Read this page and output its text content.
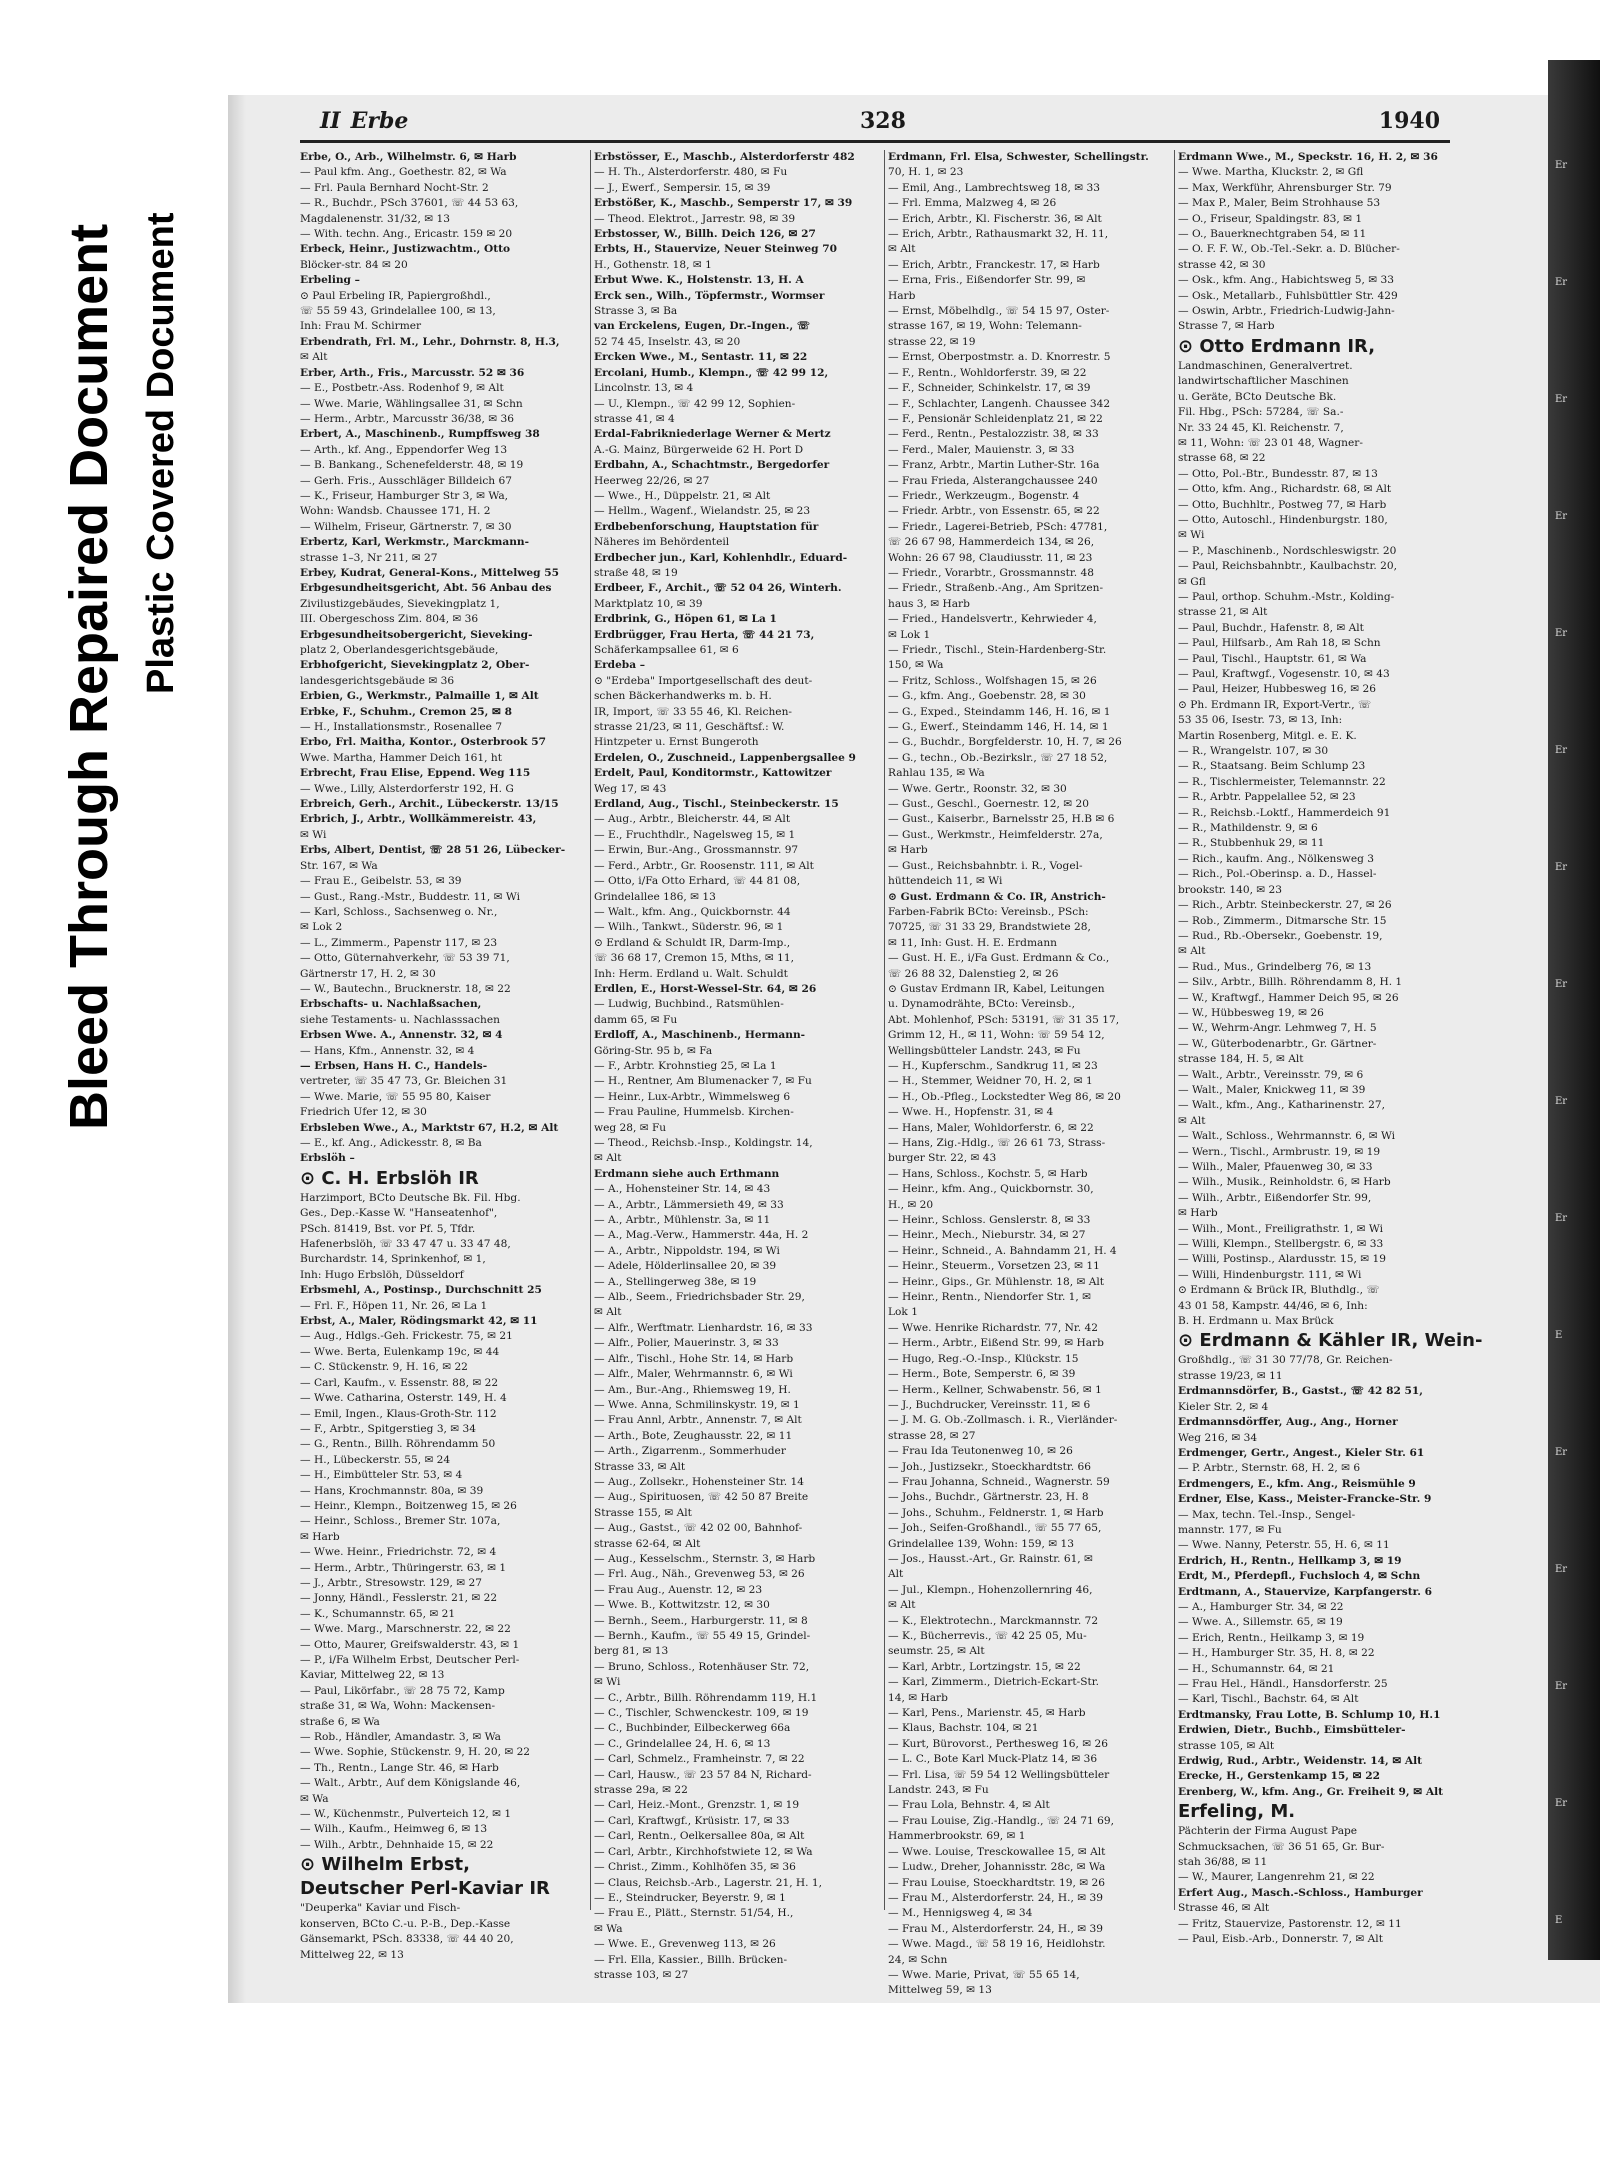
Bleed Through Repaired Document Plastic Covered Document
Er
Er
Er
Er
Er
Er
Er
Er
Er
Er
E
Er
Er
Er
Er
E
II Erbe	328	1940
Erbe, O., Arb., Wilhelmstr. 6, ✉ Harb
— Paul kfm. Ang., Goethestr. 82, ✉ Wa
— Frl. Paula Bernhard Nocht-Str. 2
— R., Buchdr., PSch 37601, ☏ 44 53 63,
Magdalenenstr. 31/32, ✉ 13
— With. techn. Ang., Ericastr. 159 ✉ 20
Erbeck, Heinr., Justizwachtm., Otto
Blöcker-str. 84 ✉ 20
Erbeling –
⊙ Paul Erbeling IR, Papiergroßhdl.,
☏ 55 59 43, Grindelallee 100, ✉ 13,
Inh: Frau M. Schirmer
Erbendrath, Frl. M., Lehr., Dohrnstr. 8, H.3,
✉ Alt
Erber, Arth., Fris., Marcusstr. 52 ✉ 36
— E., Postbetr.-Ass. Rodenhof 9, ✉ Alt
— Wwe. Marie, Wählingsallee 31, ✉ Schn
— Herm., Arbtr., Marcusstr 36/38, ✉ 36
Erbert, A., Maschinenb., Rumpffsweg 38
— Arth., kf. Ang., Eppendorfer Weg 13
— B. Bankang., Schenefelderstr. 48, ✉ 19
— Gerh. Fris., Ausschläger Billdeich 67
— K., Friseur, Hamburger Str 3, ✉ Wa,
Wohn: Wandsb. Chaussee 171, H. 2
— Wilhelm, Friseur, Gärtnerstr. 7, ✉ 30
Erbertz, Karl, Werkmstr., Marckmann-
strasse 1–3, Nr 211, ✉ 27
Erbey, Kudrat, General-Kons., Mittelweg 55
Erbgesundheitsgericht, Abt. 56 Anbau des
Zivilustizgebäudes, Sievekingplatz 1,
III. Obergeschoss Zim. 804, ✉ 36
Erbgesundheitsobergericht, Sieveking-
platz 2, Oberlandesgerichtsgebäude,
Erbhofgericht, Sievekingplatz 2, Ober-
landesgerichtsgebäude ✉ 36
Erbien, G., Werkmstr., Palmaille 1, ✉ Alt
Erbke, F., Schuhm., Cremon 25, ✉ 8
— H., Installationsmstr., Rosenallee 7
Erbo, Frl. Maitha, Kontor., Osterbrook 57
Wwe. Martha, Hammer Deich 161, ht
Erbrecht, Frau Elise, Eppend. Weg 115
— Wwe., Lilly, Alsterdorferstr 192, H. G
Erbreich, Gerh., Archit., Lübeckerstr. 13/15
Erbrich, J., Arbtr., Wollkämmereistr. 43,
✉ Wi
Erbs, Albert, Dentist, ☏ 28 51 26, Lübecker-
Str. 167, ✉ Wa
— Frau E., Geibelstr. 53, ✉ 39
— Gust., Rang.-Mstr., Buddestr. 11, ✉ Wi
— Karl, Schloss., Sachsenweg o. Nr.,
✉ Lok 2
— L., Zimmerm., Papenstr 117, ✉ 23
— Otto, Güternahverkehr, ☏ 53 39 71,
Gärtnerstr 17, H. 2, ✉ 30
— W., Bautechn., Brucknerstr. 18, ✉ 22
Erbschafts- u. Nachlaßsachen,
siehe Testaments- u. Nachlasssachen
Erbsen Wwe. A., Annenstr. 32, ✉ 4
— Hans, Kfm., Annenstr. 32, ✉ 4
— Erbsen, Hans H. C., Handels-
vertreter, ☏ 35 47 73, Gr. Bleichen 31
— Wwe. Marie, ☏ 55 95 80, Kaiser
Friedrich Ufer 12, ✉ 30
Erbsleben Wwe., A., Marktstr 67, H.2, ✉ Alt
— E., kf. Ang., Adickesstr. 8, ✉ Ba
Erbslöh –
⊙ C. H. Erbslöh IR
Harzimport, BCto Deutsche Bk. Fil. Hbg.
Ges., Dep.-Kasse W. "Hanseatenhof",
PSch. 81419, Bst. vor Pf. 5, Tfdr.
Hafenerbslöh, ☏ 33 47 47 u. 33 47 48,
Burchardstr. 14, Sprinkenhof, ✉ 1,
Inh: Hugo Erbslöh, Düsseldorf
Erbsmehl, A., Postinsp., Durchschnitt 25
— Frl. F., Höpen 11, Nr. 26, ✉ La 1
Erbst, A., Maler, Rödingsmarkt 42, ✉ 11
— Aug., Hdlgs.-Geh. Frickestr. 75, ✉ 21
— Wwe. Berta, Eulenkamp 19c, ✉ 44
— C. Stückenstr. 9, H. 16, ✉ 22
— Carl, Kaufm., v. Essenstr. 88, ✉ 22
— Wwe. Catharina, Osterstr. 149, H. 4
— Emil, Ingen., Klaus-Groth-Str. 112
— F., Arbtr., Spitgerstieg 3, ✉ 34
— G., Rentn., Billh. Röhrendamm 50
— H., Lübeckerstr. 55, ✉ 24
— H., Eimbütteler Str. 53, ✉ 4
— Hans, Krochmannstr. 80a, ✉ 39
— Heinr., Klempn., Boitzenweg 15, ✉ 26
— Heinr., Schloss., Bremer Str. 107a,
✉ Harb
— Wwe. Heinr., Friedrichstr. 72, ✉ 4
— Herm., Arbtr., Thüringerstr. 63, ✉ 1
— J., Arbtr., Stresowstr. 129, ✉ 27
— Jonny, Händl., Fesslerstr. 21, ✉ 22
— K., Schumannstr. 65, ✉ 21
— Wwe. Marg., Marschnerstr. 22, ✉ 22
— Otto, Maurer, Greifswalderstr. 43, ✉ 1
— P., i/Fa Wilhelm Erbst, Deutscher Perl-
Kaviar, Mittelweg 22, ✉ 13
— Paul, Likörfabr., ☏ 28 75 72, Kamp
straße 31, ✉ Wa, Wohn: Mackensen-
straße 6, ✉ Wa
— Rob., Händler, Amandastr. 3, ✉ Wa
— Wwe. Sophie, Stückenstr. 9, H. 20, ✉ 22
— Th., Rentn., Lange Str. 46, ✉ Harb
— Walt., Arbtr., Auf dem Königslande 46,
✉ Wa
— W., Küchenmstr., Pulverteich 12, ✉ 1
— Wilh., Kaufm., Heimweg 6, ✉ 13
— Wilh., Arbtr., Dehnhaide 15, ✉ 22
⊙ Wilhelm Erbst,
Deutscher Perl-Kaviar IR
"Deuperka" Kaviar und Fisch-
konserven, BCto C.-u. P.-B., Dep.-Kasse
Gänsemarkt, PSch. 83338, ☏ 44 40 20,
Mittelweg 22, ✉ 13
Erbstösser, E., Maschb., Alsterdorferstr 482
— H. Th., Alsterdorferstr. 480, ✉ Fu
— J., Ewerf., Sempersir. 15, ✉ 39
Erbstößer, K., Maschb., Semperstr 17, ✉ 39
— Theod. Elektrot., Jarrestr. 98, ✉ 39
Erbstosser, W., Billh. Deich 126, ✉ 27
Erbts, H., Stauervize, Neuer Steinweg 70
H., Gothenstr. 18, ✉ 1
Erbut Wwe. K., Holstenstr. 13, H. A
Erck sen., Wilh., Töpfermstr., Wormser
Strasse 3, ✉ Ba
van Erckelens, Eugen, Dr.-Ingen., ☏
52 74 45, Inselstr. 43, ✉ 20
Ercken Wwe., M., Sentastr. 11, ✉ 22
Ercolani, Humb., Klempn., ☏ 42 99 12,
Lincolnstr. 13, ✉ 4
— U., Klempn., ☏ 42 99 12, Sophien-
strasse 41, ✉ 4
Erdal-Fabrikniederlage Werner & Mertz
A.-G. Mainz, Bürgerweide 62 H. Port D
Erdbahn, A., Schachtmstr., Bergedorfer
Heerweg 22/26, ✉ 27
— Wwe., H., Düppelstr. 21, ✉ Alt
— Hellm., Wagenf., Wielandstr. 25, ✉ 23
Erdbebenforschung, Hauptstation für
Näheres im Behördenteil
Erdbecher jun., Karl, Kohlenhdlr., Eduard-
straße 48, ✉ 19
Erdbeer, F., Archit., ☏ 52 04 26, Winterh.
Marktplatz 10, ✉ 39
Erdbrink, G., Höpen 61, ✉ La 1
Erdbrügger, Frau Herta, ☏ 44 21 73,
Schäferkampsallee 61, ✉ 6
Erdeba –
⊙ "Erdeba" Importgesellschaft des deut-
schen Bäckerhandwerks m. b. H.
IR, Import, ☏ 33 55 46, Kl. Reichen-
strasse 21/23, ✉ 11, Geschäftsf.: W.
Hintzpeter u. Ernst Bungeroth
Erdelen, O., Zuschneid., Lappenbergsallee 9
Erdelt, Paul, Konditormstr., Kattowitzer
Weg 17, ✉ 43
Erdland, Aug., Tischl., Steinbeckerstr. 15
— Aug., Arbtr., Bleicherstr. 44, ✉ Alt
— E., Fruchthdlr., Nagelsweg 15, ✉ 1
— Erwin, Bur.-Ang., Grossmannstr. 97
— Ferd., Arbtr., Gr. Roosenstr. 111, ✉ Alt
— Otto, i/Fa Otto Erhard, ☏ 44 81 08,
Grindelallee 186, ✉ 13
— Walt., kfm. Ang., Quickbornstr. 44
— Wilh., Tankwt., Süderstr. 96, ✉ 1
⊙ Erdland & Schuldt IR, Darm-Imp.,
☏ 36 68 17, Cremon 15, Mths, ✉ 11,
Inh: Herm. Erdland u. Walt. Schuldt
Erdlen, E., Horst-Wessel-Str. 64, ✉ 26
— Ludwig, Buchbind., Ratsmühlen-
damm 65, ✉ Fu
Erdloff, A., Maschinenb., Hermann-
Göring-Str. 95 b, ✉ Fa
— F., Arbtr. Krohnstieg 25, ✉ La 1
— H., Rentner, Am Blumenacker 7, ✉ Fu
— Heinr., Lux-Arbtr., Wimmelsweg 6
— Frau Pauline, Hummelsb. Kirchen-
weg 28, ✉ Fu
— Theod., Reichsb.-Insp., Koldingstr. 14,
✉ Alt
Erdmann siehe auch Erthmann
— A., Hohensteiner Str. 14, ✉ 43
— A., Arbtr., Lämmersieth 49, ✉ 33
— A., Arbtr., Mühlenstr. 3a, ✉ 11
— A., Mag.-Verw., Hammerstr. 44a, H. 2
— A., Arbtr., Nippoldstr. 194, ✉ Wi
— Adele, Hölderlinsallee 20, ✉ 39
— A., Stellingerweg 38e, ✉ 19
— Alb., Seem., Friedrichsbader Str. 29,
✉ Alt
— Alfr., Werftmatr. Lienhardstr. 16, ✉ 33
— Alfr., Polier, Mauerinstr. 3, ✉ 33
— Alfr., Tischl., Hohe Str. 14, ✉ Harb
— Alfr., Maler, Wehrmannstr. 6, ✉ Wi
— Am., Bur.-Ang., Rhiemsweg 19, H.
— Wwe. Anna, Schmilinskystr. 19, ✉ 1
— Frau Annl, Arbtr., Annenstr. 7, ✉ Alt
— Arth., Bote, Zeughausstr. 22, ✉ 11
— Arth., Zigarrenm., Sommerhuder
Strasse 33, ✉ Alt
— Aug., Zollsekr., Hohensteiner Str. 14
— Aug., Spirituosen, ☏ 42 50 87 Breite
Strasse 155, ✉ Alt
— Aug., Gastst., ☏ 42 02 00, Bahnhof-
strasse 62-64, ✉ Alt
— Aug., Kesselschm., Sternstr. 3, ✉ Harb
— Frl. Aug., Näh., Grevenweg 53, ✉ 26
— Frau Aug., Auenstr. 12, ✉ 23
— Wwe. B., Kottwitzstr. 12, ✉ 30
— Bernh., Seem., Harburgerstr. 11, ✉ 8
— Bernh., Kaufm., ☏ 55 49 15, Grindel-
berg 81, ✉ 13
— Bruno, Schloss., Rotenhäuser Str. 72,
✉ Wi
— C., Arbtr., Billh. Röhrendamm 119, H.1
— C., Tischler, Schwenckestr. 109, ✉ 19
— C., Buchbinder, Eilbeckerweg 66a
— C., Grindelallee 24, H. 6, ✉ 13
— Carl, Schmelz., Framheinstr. 7, ✉ 22
— Carl, Hausw., ☏ 23 57 84 N, Richard-
strasse 29a, ✉ 22
— Carl, Heiz.-Mont., Grenzstr. 1, ✉ 19
— Carl, Kraftwgf., Krüsistr. 17, ✉ 33
— Carl, Rentn., Oelkersallee 80a, ✉ Alt
— Carl, Arbtr., Kirchhofstwiete 12, ✉ Wa
— Christ., Zimm., Kohlhöfen 35, ✉ 36
— Claus, Reichsb.-Arb., Lagerstr. 21, H. 1,
— E., Steindrucker, Beyerstr. 9, ✉ 1
— Frau E., Plätt., Sternstr. 51/54, H.,
✉ Wa
— Wwe. E., Grevenweg 113, ✉ 26
— Frl. Ella, Kassier., Billh. Brücken-
strasse 103, ✉ 27
Erdmann, Frl. Elsa, Schwester, Schellingstr.
70, H. 1, ✉ 23
— Emil, Ang., Lambrechtsweg 18, ✉ 33
— Frl. Emma, Malzweg 4, ✉ 26
— Erich, Arbtr., Kl. Fischerstr. 36, ✉ Alt
— Erich, Arbtr., Rathausmarkt 32, H. 11,
✉ Alt
— Erich, Arbtr., Franckestr. 17, ✉ Harb
— Erna, Fris., Eißendorfer Str. 99, ✉
Harb
— Ernst, Möbelhdlg., ☏ 54 15 97, Oster-
strasse 167, ✉ 19, Wohn: Telemann-
strasse 22, ✉ 19
— Ernst, Oberpostmstr. a. D. Knorrestr. 5
— F., Rentn., Wohldorferstr. 39, ✉ 22
— F., Schneider, Schinkelstr. 17, ✉ 39
— F., Schlachter, Langenh. Chaussee 342
— F., Pensionär Schleidenplatz 21, ✉ 22
— Ferd., Rentn., Pestalozzistr. 38, ✉ 33
— Ferd., Maler, Mauienstr. 3, ✉ 33
— Franz, Arbtr., Martin Luther-Str. 16a
— Frau Frieda, Alsterangchaussee 240
— Friedr., Werkzeugm., Bogenstr. 4
— Friedr. Arbtr., von Essenstr. 65, ✉ 22
— Friedr., Lagerei-Betrieb, PSch: 47781,
☏ 26 67 98, Hammerdeich 134, ✉ 26,
Wohn: 26 67 98, Claudiusstr. 11, ✉ 23
— Friedr., Vorarbtr., Grossmannstr. 48
— Friedr., Straßenb.-Ang., Am Spritzen-
haus 3, ✉ Harb
— Fried., Handelsvertr., Kehrwieder 4,
✉ Lok 1
— Friedr., Tischl., Stein-Hardenberg-Str.
150, ✉ Wa
— Fritz, Schloss., Wolfshagen 15, ✉ 26
— G., kfm. Ang., Goebenstr. 28, ✉ 30
— G., Exped., Steindamm 146, H. 16, ✉ 1
— G., Ewerf., Steindamm 146, H. 14, ✉ 1
— G., Buchdr., Borgfelderstr. 10, H. 7, ✉ 26
— G., techn., Ob.-Bezirkslr., ☏ 27 18 52,
Rahlau 135, ✉ Wa
— Wwe. Gertr., Roonstr. 32, ✉ 30
— Gust., Geschl., Goernestr. 12, ✉ 20
— Gust., Kaiserbr., Barnelsstr 25, H.B ✉ 6
— Gust., Werkmstr., Heimfelderstr. 27a,
✉ Harb
— Gust., Reichsbahnbtr. i. R., Vogel-
hüttendeich 11, ✉ Wi
⊙ Gust. Erdmann & Co. IR, Anstrich-
Farben-Fabrik BCto: Vereinsb., PSch:
70725, ☏ 31 33 29, Brandstwiete 28,
✉ 11, Inh: Gust. H. E. Erdmann
— Gust. H. E., i/Fa Gust. Erdmann & Co.,
☏ 26 88 32, Dalenstieg 2, ✉ 26
⊙ Gustav Erdmann IR, Kabel, Leitungen
u. Dynamodrähte, BCto: Vereinsb.,
Abt. Mohlenhof, PSch: 53191, ☏ 31 35 17,
Grimm 12, H., ✉ 11, Wohn: ☏ 59 54 12,
Wellingsbütteler Landstr. 243, ✉ Fu
— H., Kupferschm., Sandkrug 11, ✉ 23
— H., Stemmer, Weidner 70, H. 2, ✉ 1
— H., Ob.-Pfleg., Lockstedter Weg 86, ✉ 20
— Wwe. H., Hopfenstr. 31, ✉ 4
— Hans, Maler, Wohldorferstr. 6, ✉ 22
— Hans, Zig.-Hdlg., ☏ 26 61 73, Strass-
burger Str. 22, ✉ 43
— Hans, Schloss., Kochstr. 5, ✉ Harb
— Heinr., kfm. Ang., Quickbornstr. 30,
H., ✉ 20
— Heinr., Schloss. Genslerstr. 8, ✉ 33
— Heinr., Mech., Nieburstr. 34, ✉ 27
— Heinr., Schneid., A. Bahndamm 21, H. 4
— Heinr., Steuerm., Vorsetzen 23, ✉ 11
— Heinr., Gips., Gr. Mühlenstr. 18, ✉ Alt
— Heinr., Rentn., Niendorfer Str. 1, ✉
Lok 1
— Wwe. Henrike Richardstr. 77, Nr. 42
— Herm., Arbtr., Eißend Str. 99, ✉ Harb
— Hugo, Reg.-O.-Insp., Klückstr. 15
— Herm., Bote, Semperstr. 6, ✉ 39
— Herm., Kellner, Schwabenstr. 56, ✉ 1
— J., Buchdrucker, Vereinsstr. 11, ✉ 6
— J. M. G. Ob.-Zollmasch. i. R., Vierländer-
strasse 28, ✉ 27
— Frau Ida Teutonenweg 10, ✉ 26
— Joh., Justizsekr., Stoeckhardtstr. 66
— Frau Johanna, Schneid., Wagnerstr. 59
— Johs., Buchdr., Gärtnerstr. 23, H. 8
— Johs., Schuhm., Feldnerstr. 1, ✉ Harb
— Joh., Seifen-Großhandl., ☏ 55 77 65,
Grindelallee 139, Wohn: 159, ✉ 13
— Jos., Hausst.-Art., Gr. Rainstr. 61, ✉
Alt
— Jul., Klempn., Hohenzollernring 46,
✉ Alt
— K., Elektrotechn., Marckmannstr. 72
— K., Bücherrevis., ☏ 42 25 05, Mu-
seumstr. 25, ✉ Alt
— Karl, Arbtr., Lortzingstr. 15, ✉ 22
— Karl, Zimmerm., Dietrich-Eckart-Str.
14, ✉ Harb
— Karl, Pens., Marienstr. 45, ✉ Harb
— Klaus, Bachstr. 104, ✉ 21
— Kurt, Bürovorst., Perthesweg 16, ✉ 26
— L. C., Bote Karl Muck-Platz 14, ✉ 36
— Frl. Lisa, ☏ 59 54 12 Wellingsbütteler
Landstr. 243, ✉ Fu
— Frau Lola, Behnstr. 4, ✉ Alt
— Frau Louise, Zig.-Handlg., ☏ 24 71 69,
Hammerbrookstr. 69, ✉ 1
— Wwe. Louise, Tresckowallee 15, ✉ Alt
— Ludw., Dreher, Johannisstr. 28c, ✉ Wa
— Frau Louise, Stoeckhardtstr. 19, ✉ 26
— Frau M., Alsterdorferstr. 24, H., ✉ 39
— M., Hennigsweg 4, ✉ 34
— Frau M., Alsterdorferstr. 24, H., ✉ 39
— Wwe. Magd., ☏ 58 19 16, Heidlohstr.
24, ✉ Schn
— Wwe. Marie, Privat, ☏ 55 65 14,
Mittelweg 59, ✉ 13
Erdmann Wwe., M., Speckstr. 16, H. 2, ✉ 36
— Wwe. Martha, Kluckstr. 2, ✉ Gfl
— Max, Werkführ, Ahrensburger Str. 79
— Max P., Maler, Beim Strohhause 53
— O., Friseur, Spaldingstr. 83, ✉ 1
— O., Bauerknechtgraben 54, ✉ 11
— O. F. F. W., Ob.-Tel.-Sekr. a. D. Blücher-
strasse 42, ✉ 30
— Osk., kfm. Ang., Habichtsweg 5, ✉ 33
— Osk., Metallarb., Fuhlsbüttler Str. 429
— Oswin, Arbtr., Friedrich-Ludwig-Jahn-
Strasse 7, ✉ Harb
⊙ Otto Erdmann IR,
Landmaschinen, Generalvertret.
landwirtschaftlicher Maschinen
u. Geräte, BCto Deutsche Bk.
Fil. Hbg., PSch: 57284, ☏ Sa.-
Nr. 33 24 45, Kl. Reichenstr. 7,
✉ 11, Wohn: ☏ 23 01 48, Wagner-
strasse 68, ✉ 22
— Otto, Pol.-Btr., Bundesstr. 87, ✉ 13
— Otto, kfm. Ang., Richardstr. 68, ✉ Alt
— Otto, Buchhltr., Postweg 77, ✉ Harb
— Otto, Autoschl., Hindenburgstr. 180,
✉ Wi
— P., Maschinenb., Nordschleswigstr. 20
— Paul, Reichsbahnbtr., Kaulbachstr. 20,
✉ Gfl
— Paul, orthop. Schuhm.-Mstr., Kolding-
strasse 21, ✉ Alt
— Paul, Buchdr., Hafenstr. 8, ✉ Alt
— Paul, Hilfsarb., Am Rah 18, ✉ Schn
— Paul, Tischl., Hauptstr. 61, ✉ Wa
— Paul, Kraftwgf., Vogesenstr. 10, ✉ 43
— Paul, Heizer, Hubbesweg 16, ✉ 26
⊙ Ph. Erdmann IR, Export-Vertr., ☏
53 35 06, Isestr. 73, ✉ 13, Inh:
Martin Rosenberg, Mitgl. e. E. K.
— R., Wrangelstr. 107, ✉ 30
— R., Staatsang. Beim Schlump 23
— R., Tischlermeister, Telemannstr. 22
— R., Arbtr. Pappelallee 52, ✉ 23
— R., Reichsb.-Loktf., Hammerdeich 91
— R., Mathildenstr. 9, ✉ 6
— R., Stubbenhuk 29, ✉ 11
— Rich., kaufm. Ang., Nölkensweg 3
— Rich., Pol.-Oberinsp. a. D., Hassel-
brookstr. 140, ✉ 23
— Rich., Arbtr. Steinbeckerstr. 27, ✉ 26
— Rob., Zimmerm., Ditmarsche Str. 15
— Rud., Rb.-Obersekr., Goebenstr. 19,
✉ Alt
— Rud., Mus., Grindelberg 76, ✉ 13
— Silv., Arbtr., Billh. Röhrendamm 8, H. 1
— W., Kraftwgf., Hammer Deich 95, ✉ 26
— W., Hübbesweg 19, ✉ 26
— W., Wehrm-Angr. Lehmweg 7, H. 5
— W., Güterbodenarbtr., Gr. Gärtner-
strasse 184, H. 5, ✉ Alt
— Walt., Arbtr., Vereinsstr. 79, ✉ 6
— Walt., Maler, Knickweg 11, ✉ 39
— Walt., kfm., Ang., Katharinenstr. 27,
✉ Alt
— Walt., Schloss., Wehrmannstr. 6, ✉ Wi
— Wern., Tischl., Armbrustr. 19, ✉ 19
— Wilh., Maler, Pfauenweg 30, ✉ 33
— Wilh., Musik., Reinholdstr. 6, ✉ Harb
— Wilh., Arbtr., Eißendorfer Str. 99,
✉ Harb
— Wilh., Mont., Freiligrathstr. 1, ✉ Wi
— Willi, Klempn., Stellbergstr. 6, ✉ 33
— Willi, Postinsp., Alardusstr. 15, ✉ 19
— Willi, Hindenburgstr. 111, ✉ Wi
⊙ Erdmann & Brück IR, Bluthdlg., ☏
43 01 58, Kampstr. 44/46, ✉ 6, Inh:
B. H. Erdmann u. Max Brück
⊙ Erdmann & Kähler IR, Wein-
Großhdlg., ☏ 31 30 77/78, Gr. Reichen-
strasse 19/23, ✉ 11
Erdmannsdörfer, B., Gastst., ☏ 42 82 51,
Kieler Str. 2, ✉ 4
Erdmannsdörffer, Aug., Ang., Horner
Weg 216, ✉ 34
Erdmenger, Gertr., Angest., Kieler Str. 61
— P. Arbtr., Sternstr. 68, H. 2, ✉ 6
Erdmengers, E., kfm. Ang., Reismühle 9
Erdner, Else, Kass., Meister-Francke-Str. 9
— Max, techn. Tel.-Insp., Sengel-
mannstr. 177, ✉ Fu
— Wwe. Nanny, Peterstr. 55, H. 6, ✉ 11
Erdrich, H., Rentn., Hellkamp 3, ✉ 19
Erdt, M., Pferdepfl., Fuchsloch 4, ✉ Schn
Erdtmann, A., Stauervize, Karpfangerstr. 6
— A., Hamburger Str. 34, ✉ 22
— Wwe. A., Sillemstr. 65, ✉ 19
— Erich, Rentn., Heilkamp 3, ✉ 19
— H., Hamburger Str. 35, H. 8, ✉ 22
— H., Schumannstr. 64, ✉ 21
— Frau Hel., Händl., Hansdorferstr. 25
— Karl, Tischl., Bachstr. 64, ✉ Alt
Erdtmansky, Frau Lotte, B. Schlump 10, H.1
Erdwien, Dietr., Buchb., Eimsbütteler-
strasse 105, ✉ Alt
Erdwig, Rud., Arbtr., Weidenstr. 14, ✉ Alt
Erecke, H., Gerstenkamp 15, ✉ 22
Erenberg, W., kfm. Ang., Gr. Freiheit 9, ✉ Alt
Erfeling, M.
Pächterin der Firma August Pape
Schmucksachen, ☏ 36 51 65, Gr. Bur-
stah 36/88, ✉ 11
— W., Maurer, Langenrehm 21, ✉ 22
Erfert Aug., Masch.-Schloss., Hamburger
Strasse 46, ✉ Alt
— Fritz, Stauervize, Pastorenstr. 12, ✉ 11
— Paul, Eisb.-Arb., Donnerstr. 7, ✉ Alt
